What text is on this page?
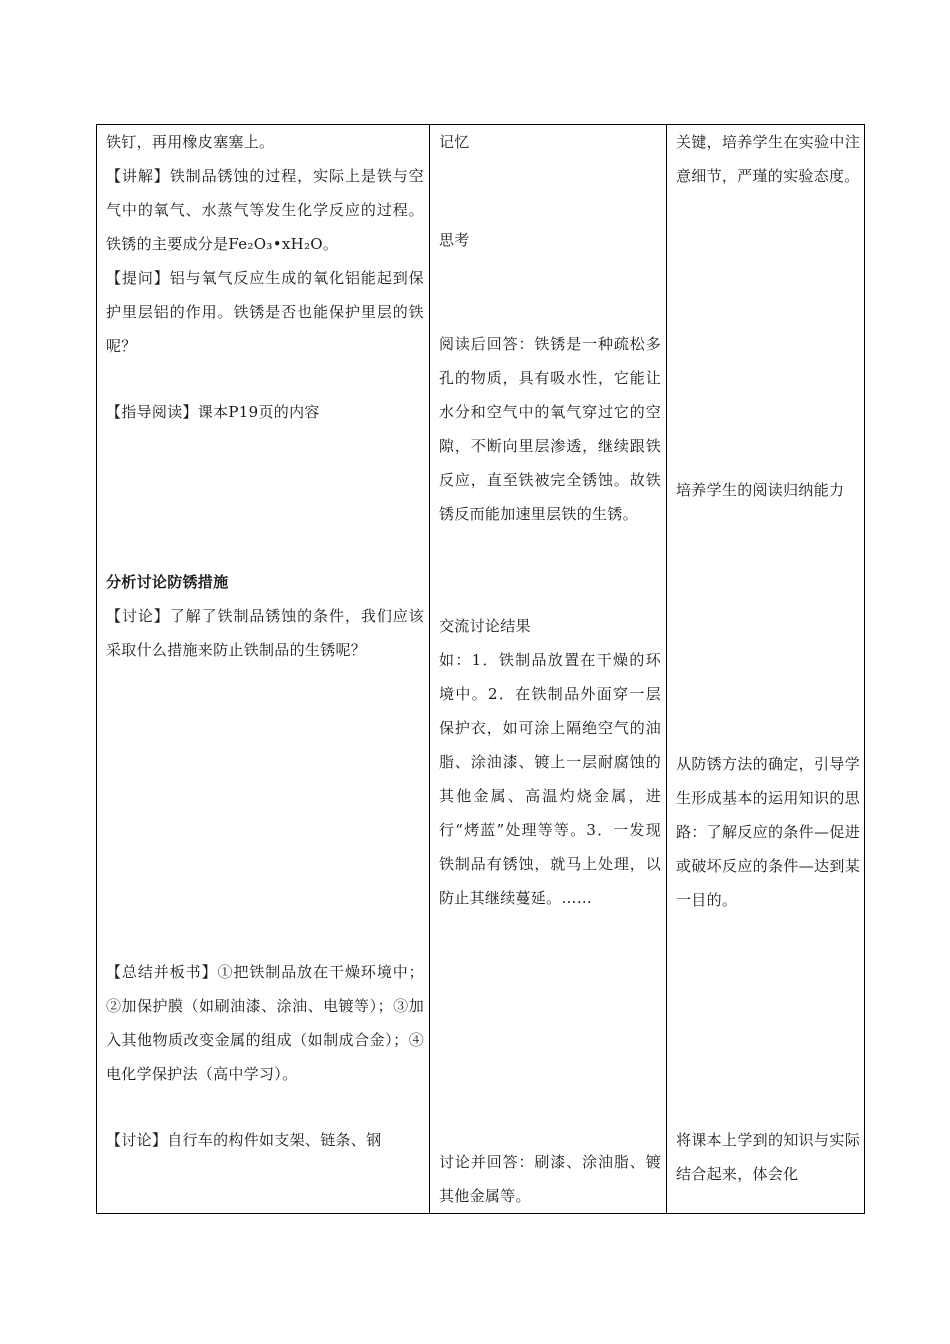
铁钉，再用橡皮塞塞上。

【讲解】铁制品锈蚀的过程，实际上是铁与空气中的氧气、水蒸气等发生化学反应的过程。铁锈的主要成分是Fe₂O₃•xH₂O。

【提问】铝与氧气反应生成的氧化铝能起到保护里层铝的作用。铁锈是否也能保护里层的铁呢？

【指导阅读】课本P19页的内容

分析讨论防锈措施

【讨论】了解了铁制品锈蚀的条件，我们应该采取什么措施来防止铁制品的生锈呢？

【总结并板书】①把铁制品放在干燥环境中；②加保护膜（如刷油漆、涂油、电镀等）；③加入其他物质改变金属的组成（如制成合金）；④电化学保护法（高中学习）。

【讨论】自行车的构件如支架、链条、钢

记忆

思考

阅读后回答：铁锈是一种疏松多孔的物质，具有吸水性，它能让水分和空气中的氧气穿过它的空隙，不断向里层渗透，继续跟铁反应，直至铁被完全锈蚀。故铁锈反而能加速里层铁的生锈。

交流讨论结果

如：1．铁制品放置在干燥的环境中。2．在铁制品外面穿一层保护衣，如可涂上隔绝空气的油脂、涂油漆、镀上一层耐腐蚀的其他金属、高温灼烧金属，进行“烤蓝”处理等等。3．一发现铁制品有锈蚀，就马上处理，以防止其继续蔓延。……

讨论并回答：刷漆、涂油脂、镀其他金属等。

关键，培养学生在实验中注意细节，严瑾的实验态度。

培养学生的阅读归纳能力

从防锈方法的确定，引导学生形成基本的运用知识的思路：了解反应的条件—促进或破坏反应的条件—达到某一目的。

将课本上学到的知识与实际结合起来，体会化
